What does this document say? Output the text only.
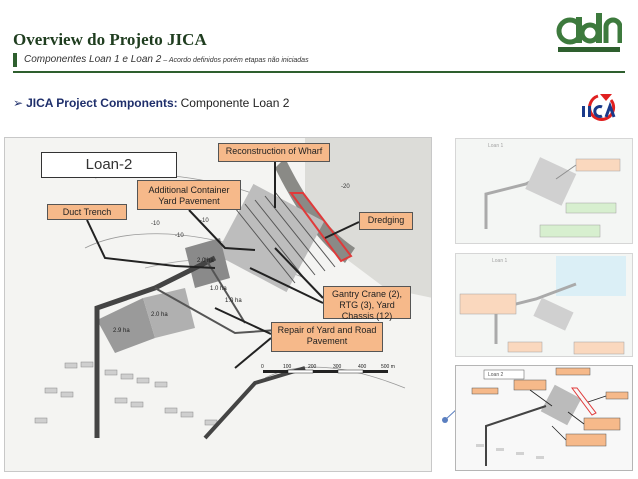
Overview do Projeto JICA
Componentes Loan 1 e Loan 2 – Acordo definidos porém etapas não iniciadas
➢ JICA Project Components: Componente Loan 2
Loan-2
Reconstruction of Wharf
Additional Container Yard Pavement
Duct Trench
Dredging
Gantry Crane (2), RTG (3), Yard Chassis (12)
Repair of Yard and Road Pavement
2.9 ha
2.0 ha
2.0 ha
1.0 ha
1.0 ha
-10
-10
-10
-20
0	100	200	300	400	500 m
Loan 1
Loan 1
Loan 2
